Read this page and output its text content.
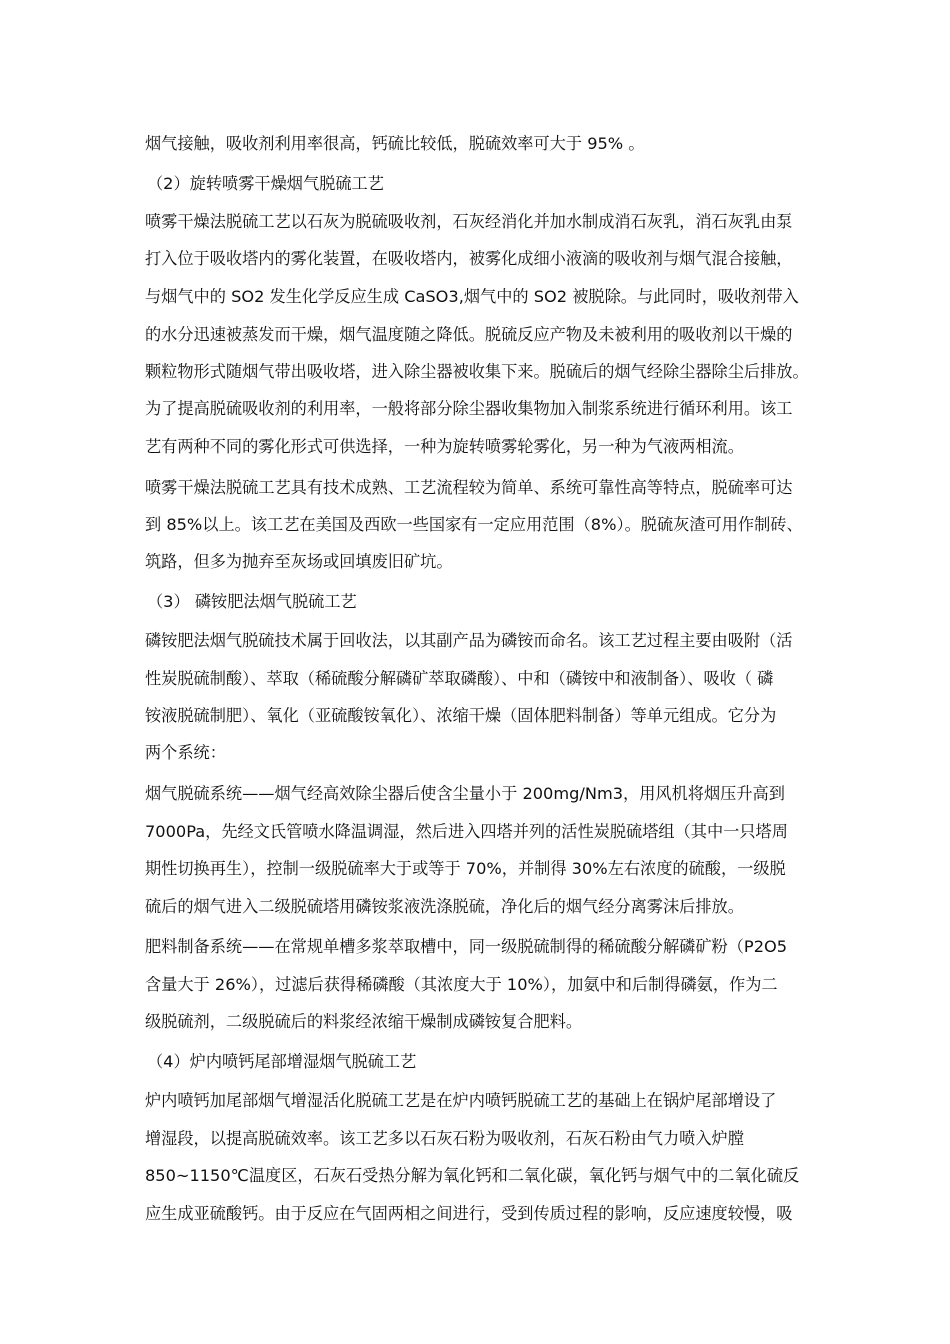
烟气接触，吸收剂利用率很高，钙硫比较低，脱硫效率可大于 95% 。
（2）旋转喷雾干燥烟气脱硫工艺
喷雾干燥法脱硫工艺以石灰为脱硫吸收剂，石灰经消化并加水制成消石灰乳，消石灰乳由泵
打入位于吸收塔内的雾化装置，在吸收塔内，被雾化成细小液滴的吸收剂与烟气混合接触，
与烟气中的 SO2 发生化学反应生成 CaSO3,烟气中的 SO2 被脱除。与此同时，吸收剂带入
的水分迅速被蒸发而干燥，烟气温度随之降低。脱硫反应产物及未被利用的吸收剂以干燥的
颗粒物形式随烟气带出吸收塔，进入除尘器被收集下来。脱硫后的烟气经除尘器除尘后排放。
为了提高脱硫吸收剂的利用率，一般将部分除尘器收集物加入制浆系统进行循环利用。该工
艺有两种不同的雾化形式可供选择，一种为旋转喷雾轮雾化，另一种为气液两相流。
喷雾干燥法脱硫工艺具有技术成熟、工艺流程较为简单、系统可靠性高等特点，脱硫率可达
到 85%以上。该工艺在美国及西欧一些国家有一定应用范围（8%）。脱硫灰渣可用作制砖、
筑路，但多为抛弃至灰场或回填废旧矿坑。
（3） 磷铵肥法烟气脱硫工艺
磷铵肥法烟气脱硫技术属于回收法，以其副产品为磷铵而命名。该工艺过程主要由吸附（活
性炭脱硫制酸）、萃取（稀硫酸分解磷矿萃取磷酸）、中和（磷铵中和液制备）、吸收（ 磷
铵液脱硫制肥）、氧化（亚硫酸铵氧化）、浓缩干燥（固体肥料制备）等单元组成。它分为
两个系统：
烟气脱硫系统——烟气经高效除尘器后使含尘量小于 200mg/Nm3，用风机将烟压升高到
7000Pa，先经文氏管喷水降温调湿，然后进入四塔并列的活性炭脱硫塔组（其中一只塔周
期性切换再生），控制一级脱硫率大于或等于 70%，并制得 30%左右浓度的硫酸，一级脱
硫后的烟气进入二级脱硫塔用磷铵浆液洗涤脱硫，净化后的烟气经分离雾沫后排放。
肥料制备系统——在常规单槽多浆萃取槽中，同一级脱硫制得的稀硫酸分解磷矿粉（P2O5
含量大于 26%），过滤后获得稀磷酸（其浓度大于 10%），加氨中和后制得磷氨，作为二
级脱硫剂，二级脱硫后的料浆经浓缩干燥制成磷铵复合肥料。
（4）炉内喷钙尾部增湿烟气脱硫工艺
炉内喷钙加尾部烟气增湿活化脱硫工艺是在炉内喷钙脱硫工艺的基础上在锅炉尾部增设了
增湿段，以提高脱硫效率。该工艺多以石灰石粉为吸收剂，石灰石粉由气力喷入炉膛
850~1150℃温度区，石灰石受热分解为氧化钙和二氧化碳，氧化钙与烟气中的二氧化硫反
应生成亚硫酸钙。由于反应在气固两相之间进行，受到传质过程的影响，反应速度较慢，吸
